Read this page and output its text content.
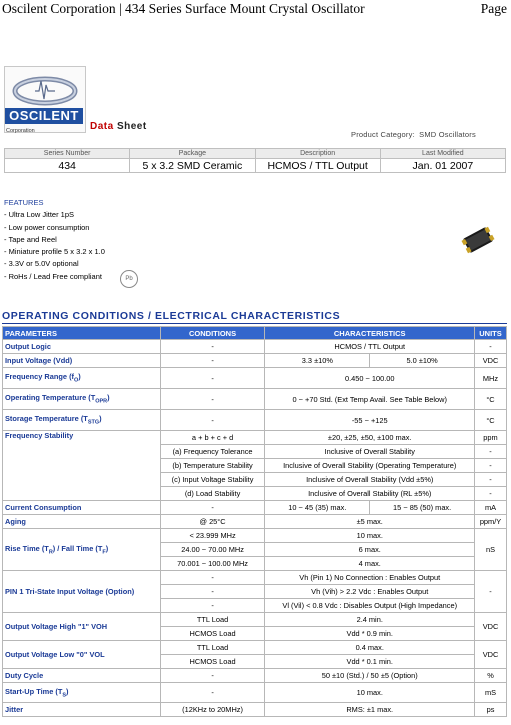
Oscilent Corporation | 434 Series Surface Mount Crystal Oscillator	Page
OSCILENT
Corporation	Data Sheet
Product Category: SMD Oscillators
Series Number	Package	Description	Last Modified
434	5 x 3.2 SMD Ceramic	HCMOS / TTL Output	Jan. 01 2007
FEATURES
- Ultra Low Jitter 1pS
- Low power consumption
- Tape and Reel
- Miniature profile 5 x 3.2 x 1.0
- 3.3V or 5.0V optional
- RoHs / Lead Free compliant	Pb
OPERATING CONDITIONS / ELECTRICAL CHARACTERISTICS
PARAMETERS	CONDITIONS	CHARACTERISTICS		UNITS
Output Logic	-	HCMOS / TTL Output		-
Input Voltage (Vdd)	-	3.3 ±10%	5.0 ±10%	VDC
Frequency Range $(f_O)$	-	0.450 ~ 100.00		MHz
Operating Temperature $(T_{OPR})$	-	0 ~ +70 Std. (Ext Temp Avail. See Table Below)		°C
Storage Temperature $(T_{STG})$	-	-55 ~ +125		°C
Frequency Stability	a + b + c + d	±20, ±25, ±50, ±100 max.		ppm
	(a) Frequency Tolerance	Inclusive of Overall Stability		-
	(b) Temperature Stability	Inclusive of Overall Stability (Operating Temperature)		-
	(c) Input Voltage Stability	Inclusive of Overall Stability (Vdd ±5%)		-
	(d) Load Stability	Inclusive of Overall Stability (RL ±5%)		-
Current Consumption	-	10 ~ 45 (35) max.	15 ~ 85 (50) max.	mA
Aging	@ 25°C	±5 max.		ppm/Y
Rise Time $(T_R)$ / Fall Time $(T_F)$	< 23.999 MHz	10 max.		nS
	24.00 ~ 70.00 MHz	6 max.		
	70.001 ~ 100.00 MHz	4 max.		
PIN 1 Tri-State Input Voltage (Option)	-	Vh (Pin 1) No Connection : Enables Output		-
	-	Vh (Vih) > 2.2 Vdc : Enables Output		
	-	Vl (Vil) < 0.8 Vdc : Disables Output (High Impedance)		
Output Voltage High "1" VOH	TTL Load	2.4 min.		VDC
	HCMOS Load	Vdd * 0.9 min.		
Output Voltage Low "0" VOL	TTL Load	0.4 max.		VDC
	HCMOS Load	Vdd * 0.1 min.		
Duty Cycle	-	50 ±10 (Std.) / 50 ±5 (Option)		%
Start-Up Time $(T_S)$	-	10 max.		mS
Jitter	(12KHz to 20MHz)	RMS: ±1 max.		ps
